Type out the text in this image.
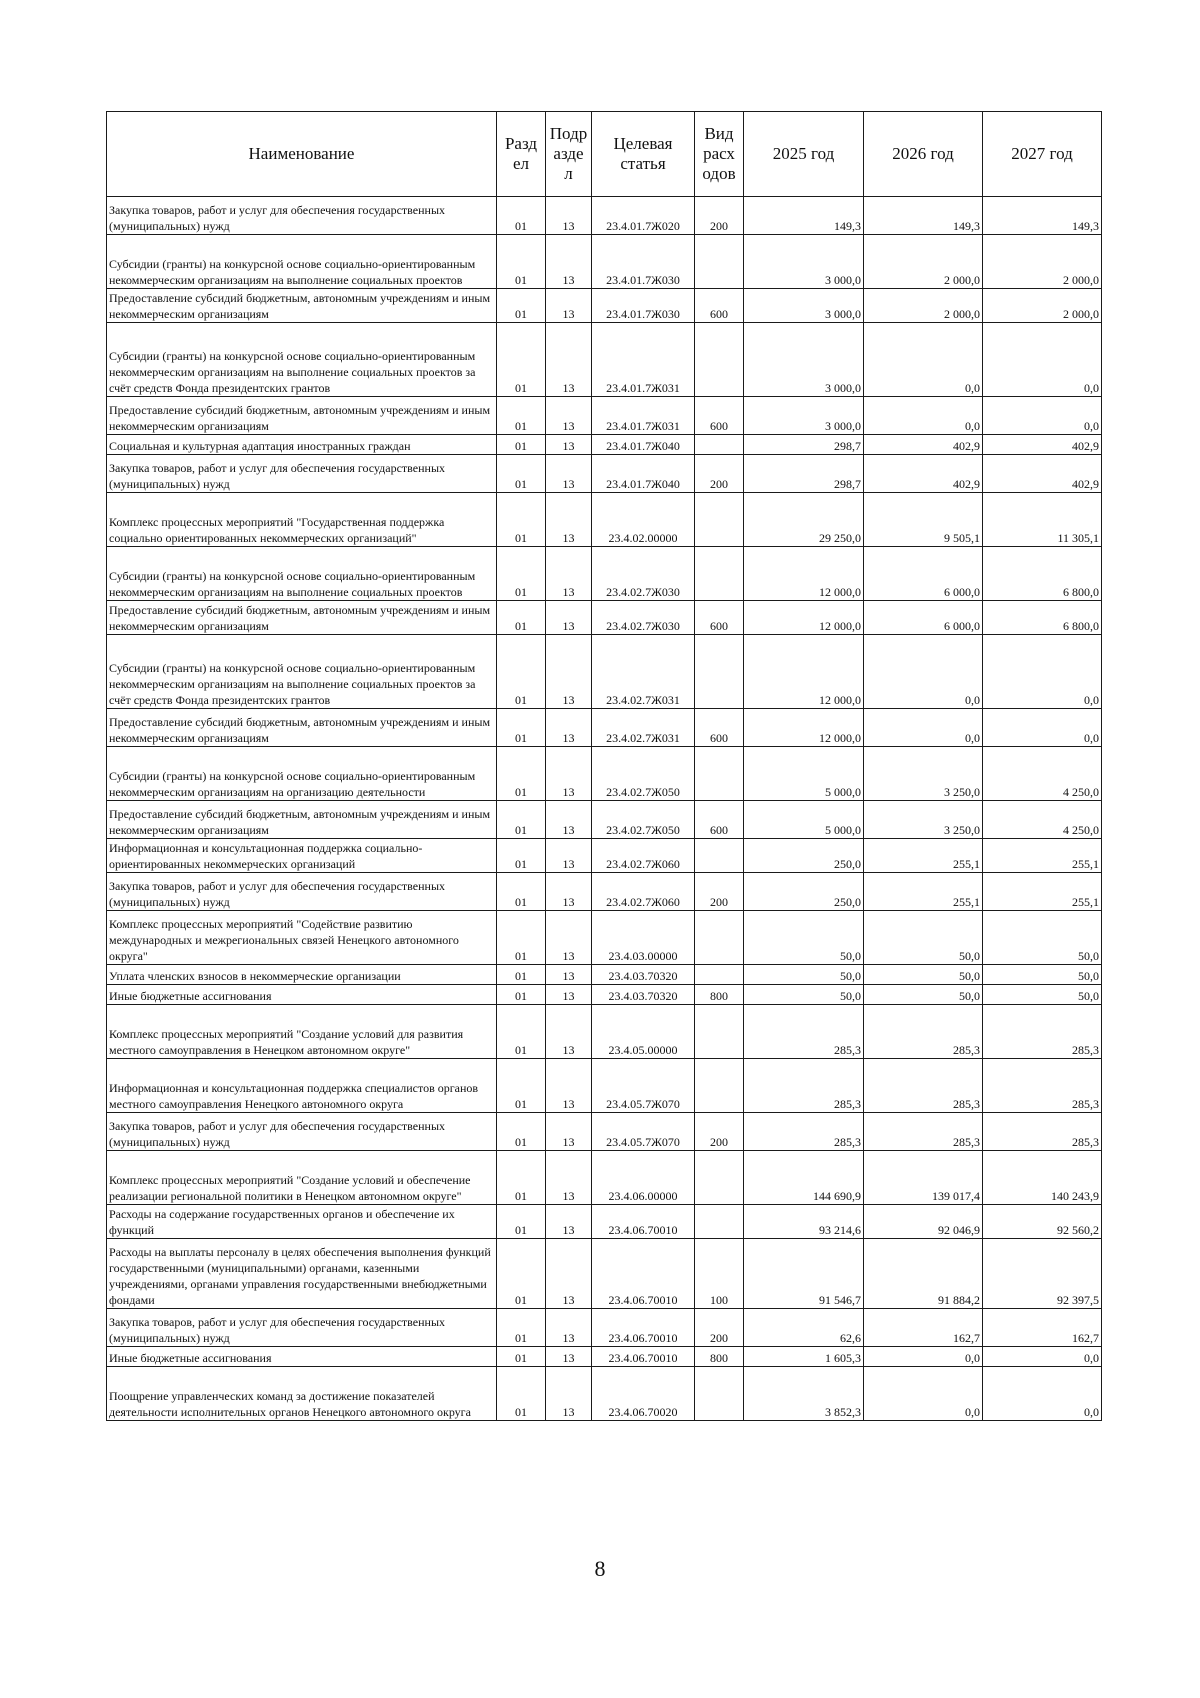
Наименование	Разд ел	Подр азде л	Целевая статья	Вид расх одов	2025 год	2026 год	2027 год
Закупка товаров, работ и услуг для обеспечения государственных (муниципальных) нужд	01	13	23.4.01.7Ж020	200	149,3	149,3	149,3
Субсидии (гранты) на конкурсной основе социально-ориентированным некоммерческим организациям на выполнение социальных проектов	01	13	23.4.01.7Ж030		3 000,0	2 000,0	2 000,0
Предоставление субсидий бюджетным, автономным учреждениям и иным некоммерческим организациям	01	13	23.4.01.7Ж030	600	3 000,0	2 000,0	2 000,0
Субсидии (гранты) на конкурсной основе социально-ориентированным некоммерческим организациям на выполнение социальных проектов за счёт средств Фонда президентских грантов	01	13	23.4.01.7Ж031		3 000,0	0,0	0,0
Предоставление субсидий бюджетным, автономным учреждениям и иным некоммерческим организациям	01	13	23.4.01.7Ж031	600	3 000,0	0,0	0,0
Социальная и культурная адаптация иностранных граждан	01	13	23.4.01.7Ж040		298,7	402,9	402,9
Закупка товаров, работ и услуг для обеспечения государственных (муниципальных) нужд	01	13	23.4.01.7Ж040	200	298,7	402,9	402,9
Комплекс процессных мероприятий "Государственная поддержка социально ориентированных некоммерческих организаций"	01	13	23.4.02.00000		29 250,0	9 505,1	11 305,1
Субсидии (гранты) на конкурсной основе социально-ориентированным некоммерческим организациям на выполнение социальных проектов	01	13	23.4.02.7Ж030		12 000,0	6 000,0	6 800,0
Предоставление субсидий бюджетным, автономным учреждениям и иным некоммерческим организациям	01	13	23.4.02.7Ж030	600	12 000,0	6 000,0	6 800,0
Субсидии (гранты) на конкурсной основе социально-ориентированным некоммерческим организациям на выполнение социальных проектов за счёт средств Фонда президентских грантов	01	13	23.4.02.7Ж031		12 000,0	0,0	0,0
Предоставление субсидий бюджетным, автономным учреждениям и иным некоммерческим организациям	01	13	23.4.02.7Ж031	600	12 000,0	0,0	0,0
Субсидии (гранты) на конкурсной основе социально-ориентированным некоммерческим организациям на организацию деятельности	01	13	23.4.02.7Ж050		5 000,0	3 250,0	4 250,0
Предоставление субсидий бюджетным, автономным учреждениям и иным некоммерческим организациям	01	13	23.4.02.7Ж050	600	5 000,0	3 250,0	4 250,0
Информационная и консультационная поддержка социально-ориентированных некоммерческих организаций	01	13	23.4.02.7Ж060		250,0	255,1	255,1
Закупка товаров, работ и услуг для обеспечения государственных (муниципальных) нужд	01	13	23.4.02.7Ж060	200	250,0	255,1	255,1
Комплекс процессных мероприятий "Содействие развитию международных и межрегиональных связей Ненецкого автономного округа"	01	13	23.4.03.00000		50,0	50,0	50,0
Уплата членских взносов в некоммерческие организации	01	13	23.4.03.70320		50,0	50,0	50,0
Иные бюджетные ассигнования	01	13	23.4.03.70320	800	50,0	50,0	50,0
Комплекс процессных мероприятий "Создание условий для развития местного самоуправления в Ненецком автономном округе"	01	13	23.4.05.00000		285,3	285,3	285,3
Информационная и консультационная поддержка специалистов органов местного самоуправления Ненецкого автономного округа	01	13	23.4.05.7Ж070		285,3	285,3	285,3
Закупка товаров, работ и услуг для обеспечения государственных (муниципальных) нужд	01	13	23.4.05.7Ж070	200	285,3	285,3	285,3
Комплекс процессных мероприятий "Создание условий и обеспечение реализации региональной политики в Ненецком автономном округе"	01	13	23.4.06.00000		144 690,9	139 017,4	140 243,9
Расходы на содержание государственных органов и обеспечение их функций	01	13	23.4.06.70010		93 214,6	92 046,9	92 560,2
Расходы на выплаты персоналу в целях обеспечения выполнения функций государственными (муниципальными) органами, казенными учреждениями, органами управления государственными внебюджетными фондами	01	13	23.4.06.70010	100	91 546,7	91 884,2	92 397,5
Закупка товаров, работ и услуг для обеспечения государственных (муниципальных) нужд	01	13	23.4.06.70010	200	62,6	162,7	162,7
Иные бюджетные ассигнования	01	13	23.4.06.70010	800	1 605,3	0,0	0,0
Поощрение управленческих команд за достижение показателей деятельности исполнительных органов Ненецкого автономного округа	01	13	23.4.06.70020		3 852,3	0,0	0,0
8
